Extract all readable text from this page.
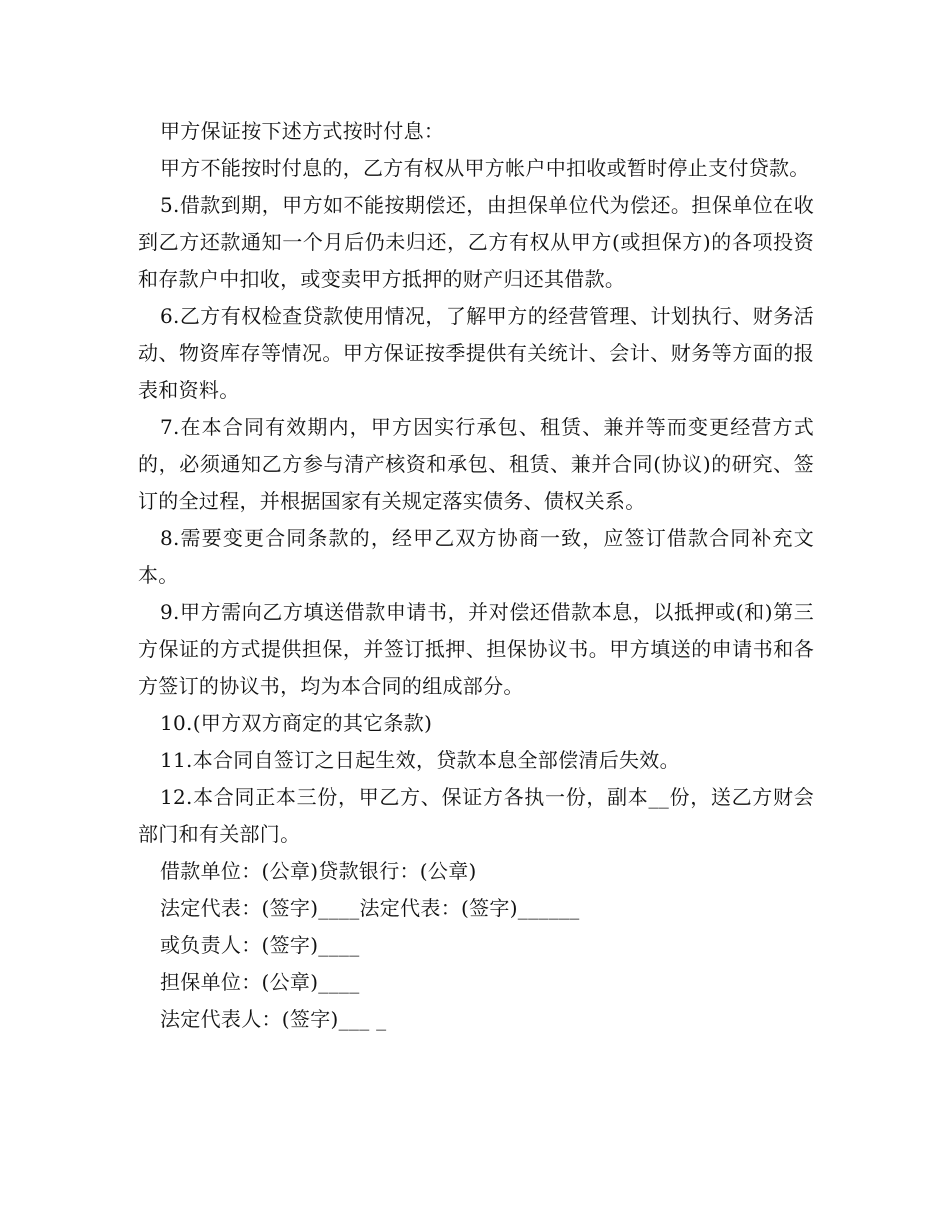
甲方保证按下述方式按时付息：

甲方不能按时付息的，乙方有权从甲方帐户中扣收或暂时停止支付贷款。

5.借款到期，甲方如不能按期偿还，由担保单位代为偿还。担保单位在收到乙方还款通知一个月后仍未归还，乙方有权从甲方(或担保方)的各项投资和存款户中扣收，或变卖甲方抵押的财产归还其借款。

6.乙方有权检查贷款使用情况，了解甲方的经营管理、计划执行、财务活动、物资库存等情况。甲方保证按季提供有关统计、会计、财务等方面的报表和资料。

7.在本合同有效期内，甲方因实行承包、租赁、兼并等而变更经营方式的，必须通知乙方参与清产核资和承包、租赁、兼并合同(协议)的研究、签订的全过程，并根据国家有关规定落实债务、债权关系。

8.需要变更合同条款的，经甲乙双方协商一致，应签订借款合同补充文本。

9.甲方需向乙方填送借款申请书，并对偿还借款本息，以抵押或(和)第三方保证的方式提供担保，并签订抵押、担保协议书。甲方填送的申请书和各方签订的协议书，均为本合同的组成部分。

10.(甲方双方商定的其它条款)

11.本合同自签订之日起生效，贷款本息全部偿清后失效。

12.本合同正本三份，甲乙方、保证方各执一份，副本__份，送乙方财会部门和有关部门。

借款单位：(公章)贷款银行：(公章)

法定代表：(签字)____法定代表：(签字)______

或负责人：(签字)____

担保单位：(公章)____

法定代表人：(签字)___ _
